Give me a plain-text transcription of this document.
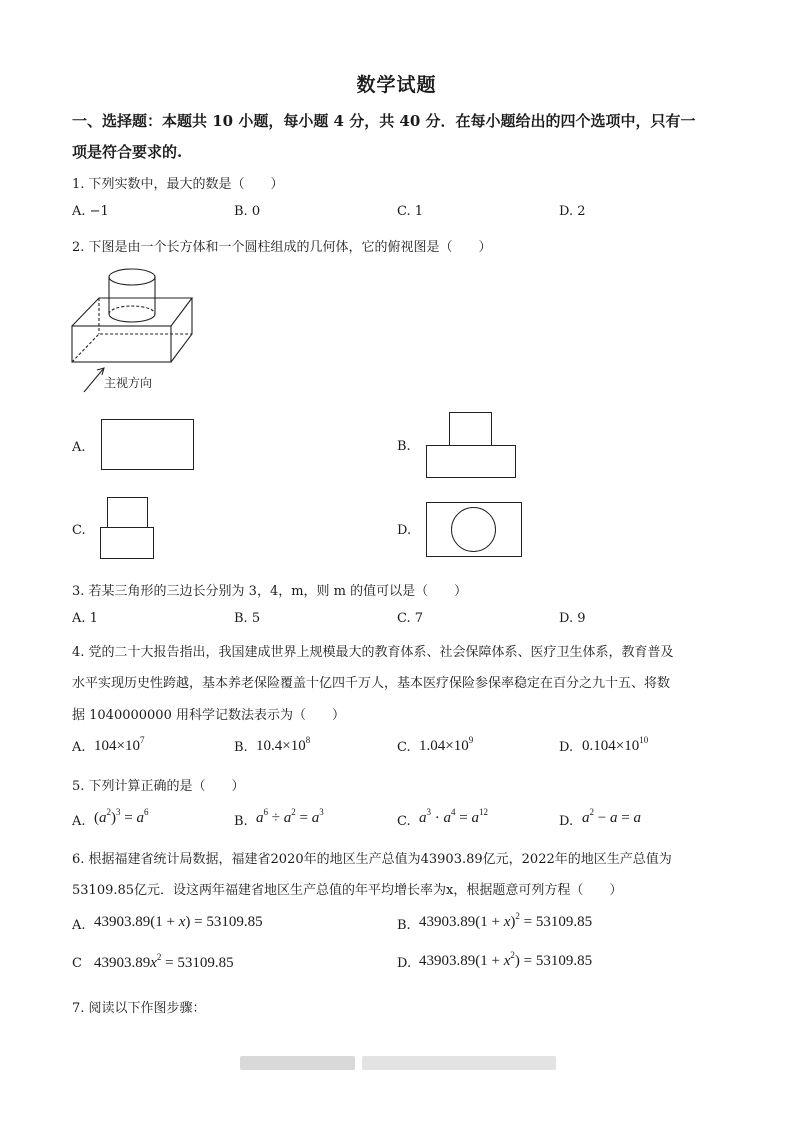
数学试题
一、选择题：本题共 10 小题，每小题 4 分，共 40 分．在每小题给出的四个选项中，只有一
项是符合要求的.
1. 下列实数中，最大的数是（　　）
A. −1	B. 0	C. 1	D. 2
2. 下图是由一个长方体和一个圆柱组成的几何体，它的俯视图是（　　）
主视方向
A.	B.
C.	D.
3. 若某三角形的三边长分别为 3，4，m，则 m 的值可以是（　　）
A. 1	B. 5	C. 7	D. 9
4. 党的二十大报告指出，我国建成世界上规模最大的教育体系、社会保障体系、医疗卫生体系，教育普及
水平实现历史性跨越，基本养老保险覆盖十亿四千万人，基本医疗保险参保率稳定在百分之九十五、将数
据 1040000000 用科学记数法表示为（　　）
A. $104\times 10^7$	B. $10.4\times 10^8$	C. $1.04\times 10^9$	D. $0.104\times 10^{10}$
5. 下列计算正确的是（　　）
A. $(a^2)^3 = a^6$
B. $a^6 \div a^2 = a^3$
C. $a^3 \cdot a^4 = a^{12}$
D. $a^2 - a = a$
6. 根据福建省统计局数据，福建省2020年的地区生产总值为43903.89亿元，2022年的地区生产总值为
53109.85亿元．设这两年福建省地区生产总值的年平均增长率为x，根据题意可列方程（　　）
A. 43903.89(1 + x) = 53109.85	B. $43903.89(1 + x)^2 = 53109.85$
C $43903.89x^2 = 53109.85$	D. $43903.89(1 + x^2) = 53109.85$
7. 阅读以下作图步骤：
